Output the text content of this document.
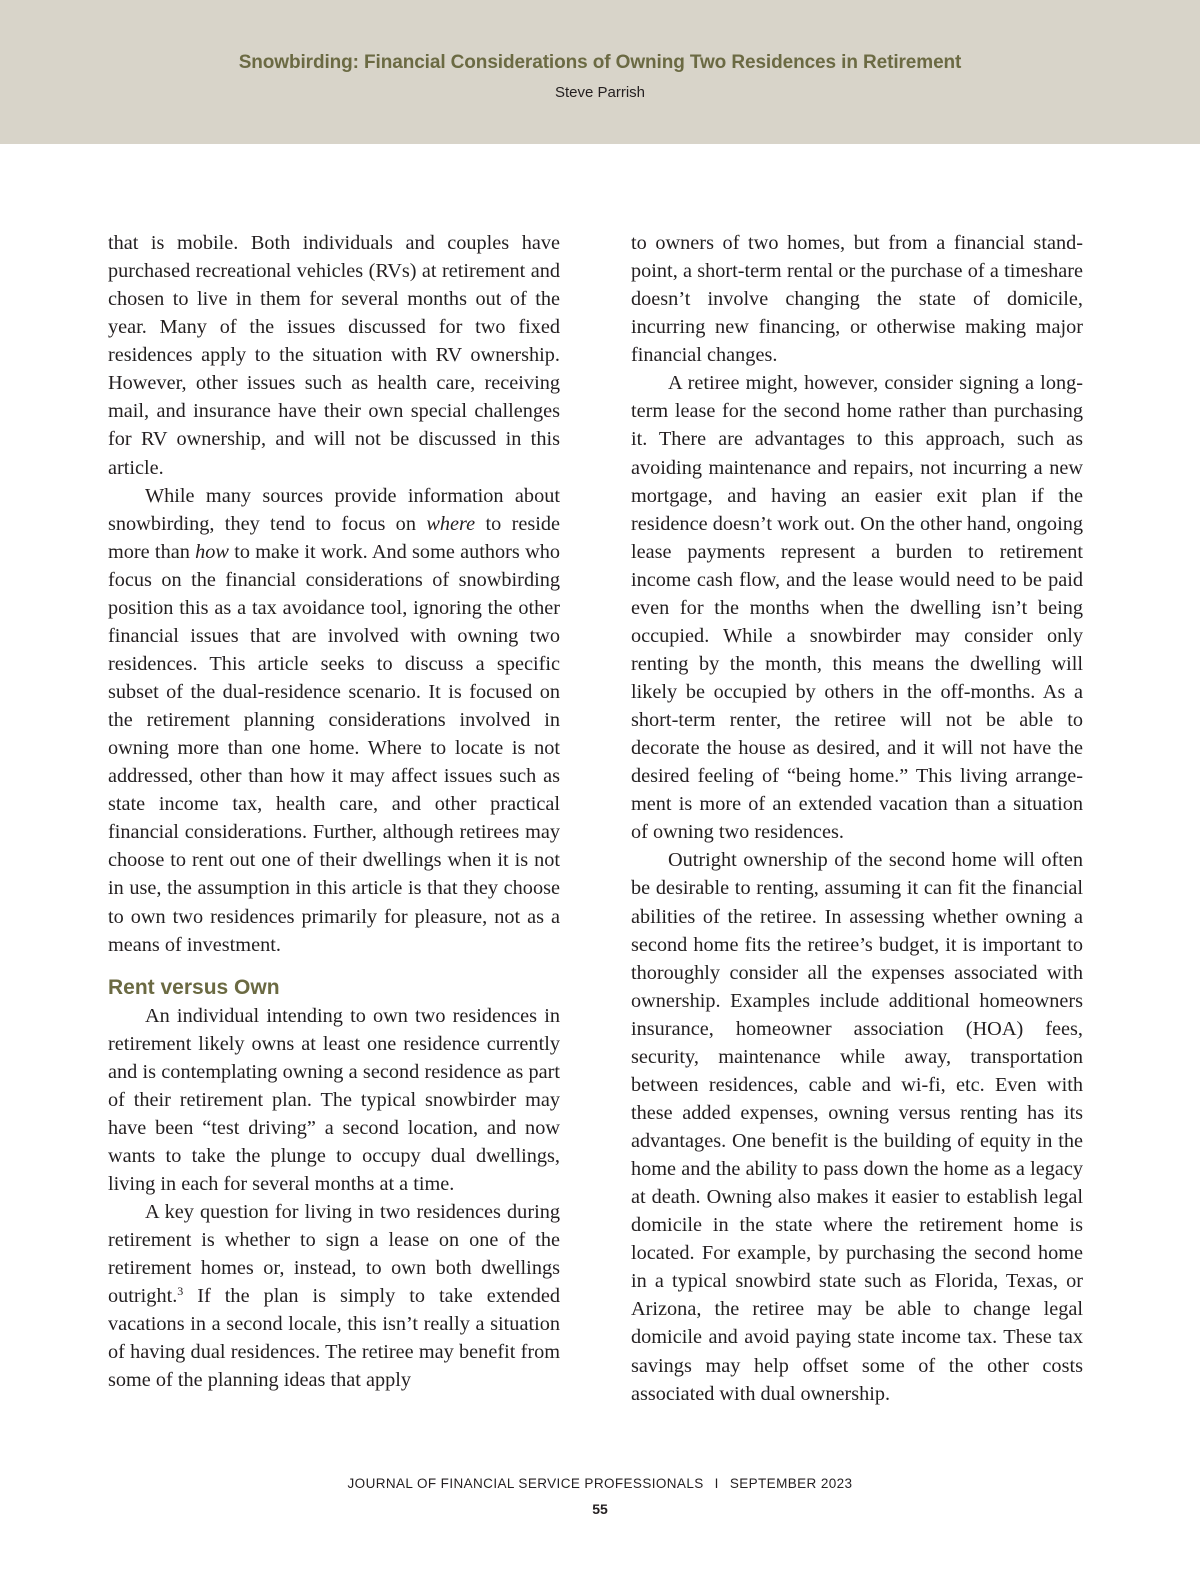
Snowbirding: Financial Considerations of Owning Two Residences in Retirement
Steve Parrish

that is mobile. Both individuals and couples have purchased recreational vehicles (RVs) at retirement and chosen to live in them for several months out of the year. Many of the issues discussed for two fixed residences apply to the situation with RV ownership. However, other issues such as health care, receiving mail, and insurance have their own special challenges for RV ownership, and will not be discussed in this article.

While many sources provide information about snowbirding, they tend to focus on where to reside more than how to make it work. And some authors who focus on the financial considerations of snowbirding position this as a tax avoidance tool, ignoring the other financial issues that are involved with owning two residences. This article seeks to discuss a specific subset of the dual-residence scenario. It is focused on the retirement planning considerations involved in owning more than one home. Where to locate is not addressed, other than how it may affect issues such as state income tax, health care, and other practical financial considerations. Further, although retirees may choose to rent out one of their dwellings when it is not in use, the assumption in this article is that they choose to own two residences primarily for pleasure, not as a means of investment.

Rent versus Own

An individual intending to own two residences in retirement likely owns at least one residence currently and is contemplating owning a second residence as part of their retirement plan. The typical snowbirder may have been “test driving” a second location, and now wants to take the plunge to occupy dual dwellings, living in each for several months at a time.

A key question for living in two residences during retirement is whether to sign a lease on one of the retirement homes or, instead, to own both dwellings outright.$^3$ If the plan is simply to take extended vacations in a second locale, this isn’t really a situation of having dual residences. The retiree may benefit from some of the planning ideas that apply

to owners of two homes, but from a financial standpoint, a short-term rental or the purchase of a timeshare doesn’t involve changing the state of domicile, incurring new financing, or otherwise making major financial changes.

A retiree might, however, consider signing a long-term lease for the second home rather than purchasing it. There are advantages to this approach, such as avoiding maintenance and repairs, not incurring a new mortgage, and having an easier exit plan if the residence doesn’t work out. On the other hand, ongoing lease payments represent a burden to retirement income cash flow, and the lease would need to be paid even for the months when the dwelling isn’t being occupied. While a snowbirder may consider only renting by the month, this means the dwelling will likely be occupied by others in the off-months. As a short-term renter, the retiree will not be able to decorate the house as desired, and it will not have the desired feeling of “being home.” This living arrangement is more of an extended vacation than a situation of owning two residences.

Outright ownership of the second home will often be desirable to renting, assuming it can fit the financial abilities of the retiree. In assessing whether owning a second home fits the retiree’s budget, it is important to thoroughly consider all the expenses associated with ownership. Examples include additional homeowners insurance, homeowner association (HOA) fees, security, maintenance while away, transportation between residences, cable and wi-fi, etc. Even with these added expenses, owning versus renting has its advantages. One benefit is the building of equity in the home and the ability to pass down the home as a legacy at death. Owning also makes it easier to establish legal domicile in the state where the retirement home is located. For example, by purchasing the second home in a typical snowbird state such as Florida, Texas, or Arizona, the retiree may be able to change legal domicile and avoid paying state income tax. These tax savings may help offset some of the other costs associated with dual ownership.

JOURNAL OF FINANCIAL SERVICE PROFESSIONALS I SEPTEMBER 2023
55
